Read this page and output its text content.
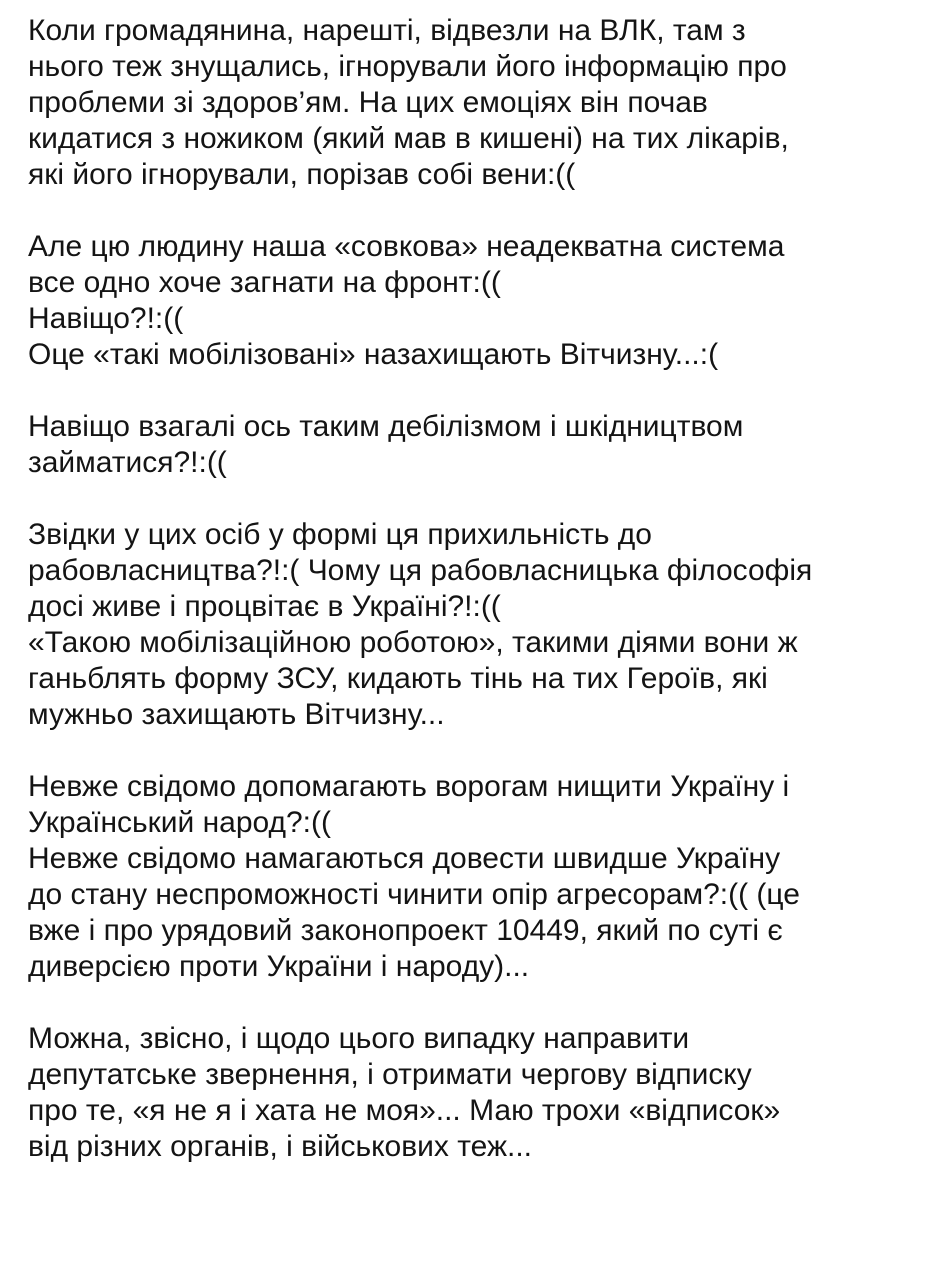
Коли громадянина, нарешті, відвезли на ВЛК, там з
нього теж знущались, ігнорували його інформацію про
проблеми зі здоров’ям. На цих емоціях він почав
кидатися з ножиком (який мав в кишені) на тих лікарів,
які його ігнорували, порізав собі вени:((
Але цю людину наша «совкова» неадекватна система
все одно хоче загнати на фронт:((
Навіщо?!:((
Оце «такі мобілізовані» назахищають Вітчизну...:(
Навіщо взагалі ось таким дебілізмом і шкідництвом
займатися?!:((
Звідки у цих осіб у формі ця прихильність до
рабовласництва?!:( Чому ця рабовласницька філософія
досі живе і процвітає в Україні?!:((
«Такою мобілізаційною роботою», такими діями вони ж
ганьблять форму ЗСУ, кидають тінь на тих Героїв, які
мужньо захищають Вітчизну...
Невже свідомо допомагають ворогам нищити Україну і
Український народ?:((
Невже свідомо намагаються довести швидше Україну
до стану неспроможності чинити опір агресорам?:(( (це
вже і про урядовий законопроект 10449, який по суті є
диверсією проти України і народу)...
Можна, звісно, і щодо цього випадку направити
депутатське звернення, і отримати чергову відписку
про те, «я не я і хата не моя»... Маю трохи «відписок»
від різних органів, і військових теж...
